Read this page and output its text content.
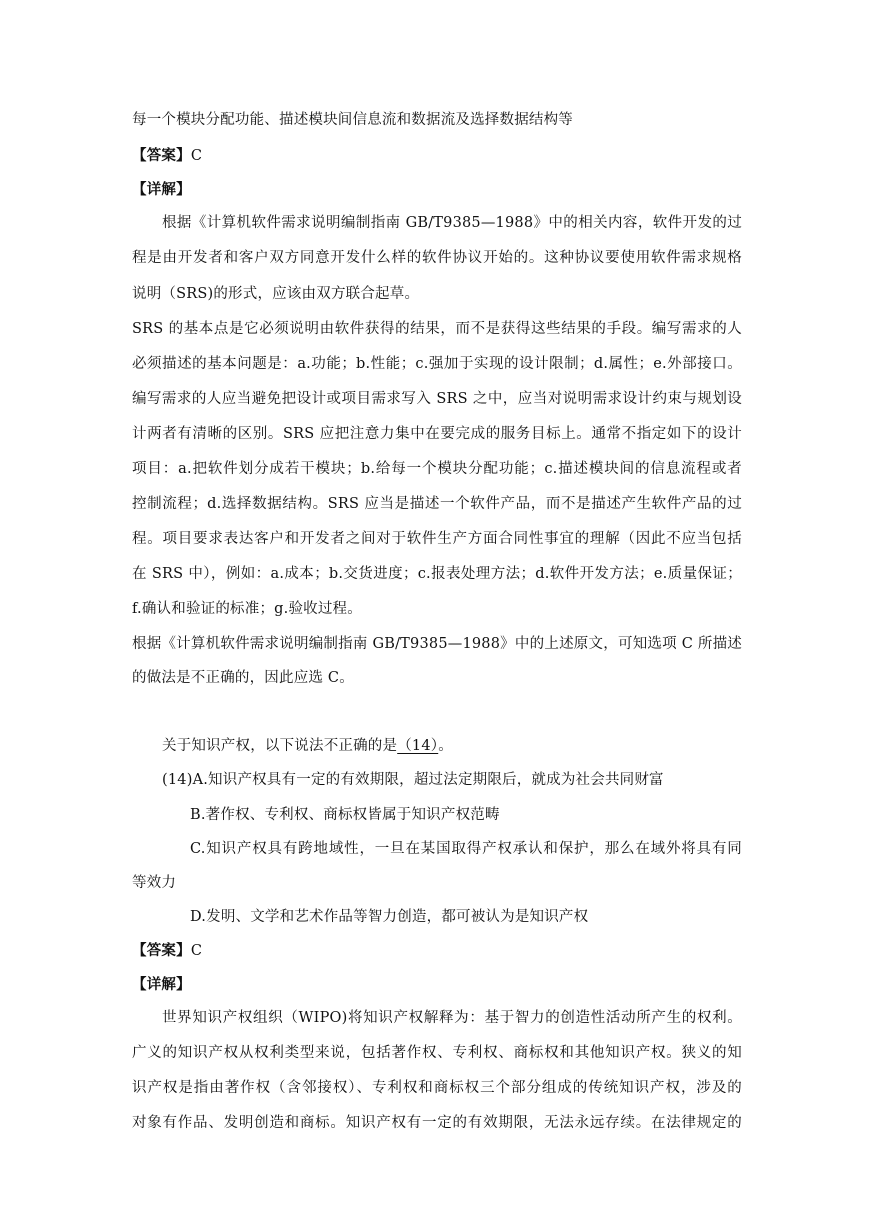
每一个模块分配功能、描述模块间信息流和数据流及选择数据结构等
【答案】C
【详解】
根据《计算机软件需求说明编制指南 GB/T9385—1988》中的相关内容，软件开发的过
程是由开发者和客户双方同意开发什么样的软件协议开始的。这种协议要使用软件需求规格
说明（SRS)的形式，应该由双方联合起草。
SRS 的基本点是它必须说明由软件获得的结果，而不是获得这些结果的手段。编写需求的人
必须描述的基本问题是：a.功能；b.性能；c.强加于实现的设计限制；d.属性；e.外部接口。
编写需求的人应当避免把设计或项目需求写入 SRS 之中，应当对说明需求设计约束与规划设
计两者有清晰的区别。SRS 应把注意力集中在要完成的服务目标上。通常不指定如下的设计
项目：a.把软件划分成若干模块；b.给每一个模块分配功能；c.描述模块间的信息流程或者
控制流程；d.选择数据结构。SRS 应当是描述一个软件产品，而不是描述产生软件产品的过
程。项目要求表达客户和开发者之间对于软件生产方面合同性事宜的理解（因此不应当包括
在 SRS 中），例如：a.成本；b.交货进度；c.报表处理方法；d.软件开发方法；e.质量保证；
f.确认和验证的标准；g.验收过程。
根据《计算机软件需求说明编制指南 GB/T9385—1988》中的上述原文，可知选项 C 所描述
的做法是不正确的，因此应选 C。
关于知识产权，以下说法不正确的是（14）。
(14)A.知识产权具有一定的有效期限，超过法定期限后，就成为社会共同财富
B.著作权、专利权、商标权皆属于知识产权范畴
C.知识产权具有跨地域性，一旦在某国取得产权承认和保护，那么在域外将具有同
等效力
D.发明、文学和艺术作品等智力创造，都可被认为是知识产权
【答案】C
【详解】
世界知识产权组织（WIPO)将知识产权解释为：基于智力的创造性活动所产生的权利。
广义的知识产权从权利类型来说，包括著作权、专利权、商标权和其他知识产权。狭义的知
识产权是指由著作权（含邻接权）、专利权和商标权三个部分组成的传统知识产权，涉及的
对象有作品、发明创造和商标。知识产权有一定的有效期限，无法永远存续。在法律规定的
